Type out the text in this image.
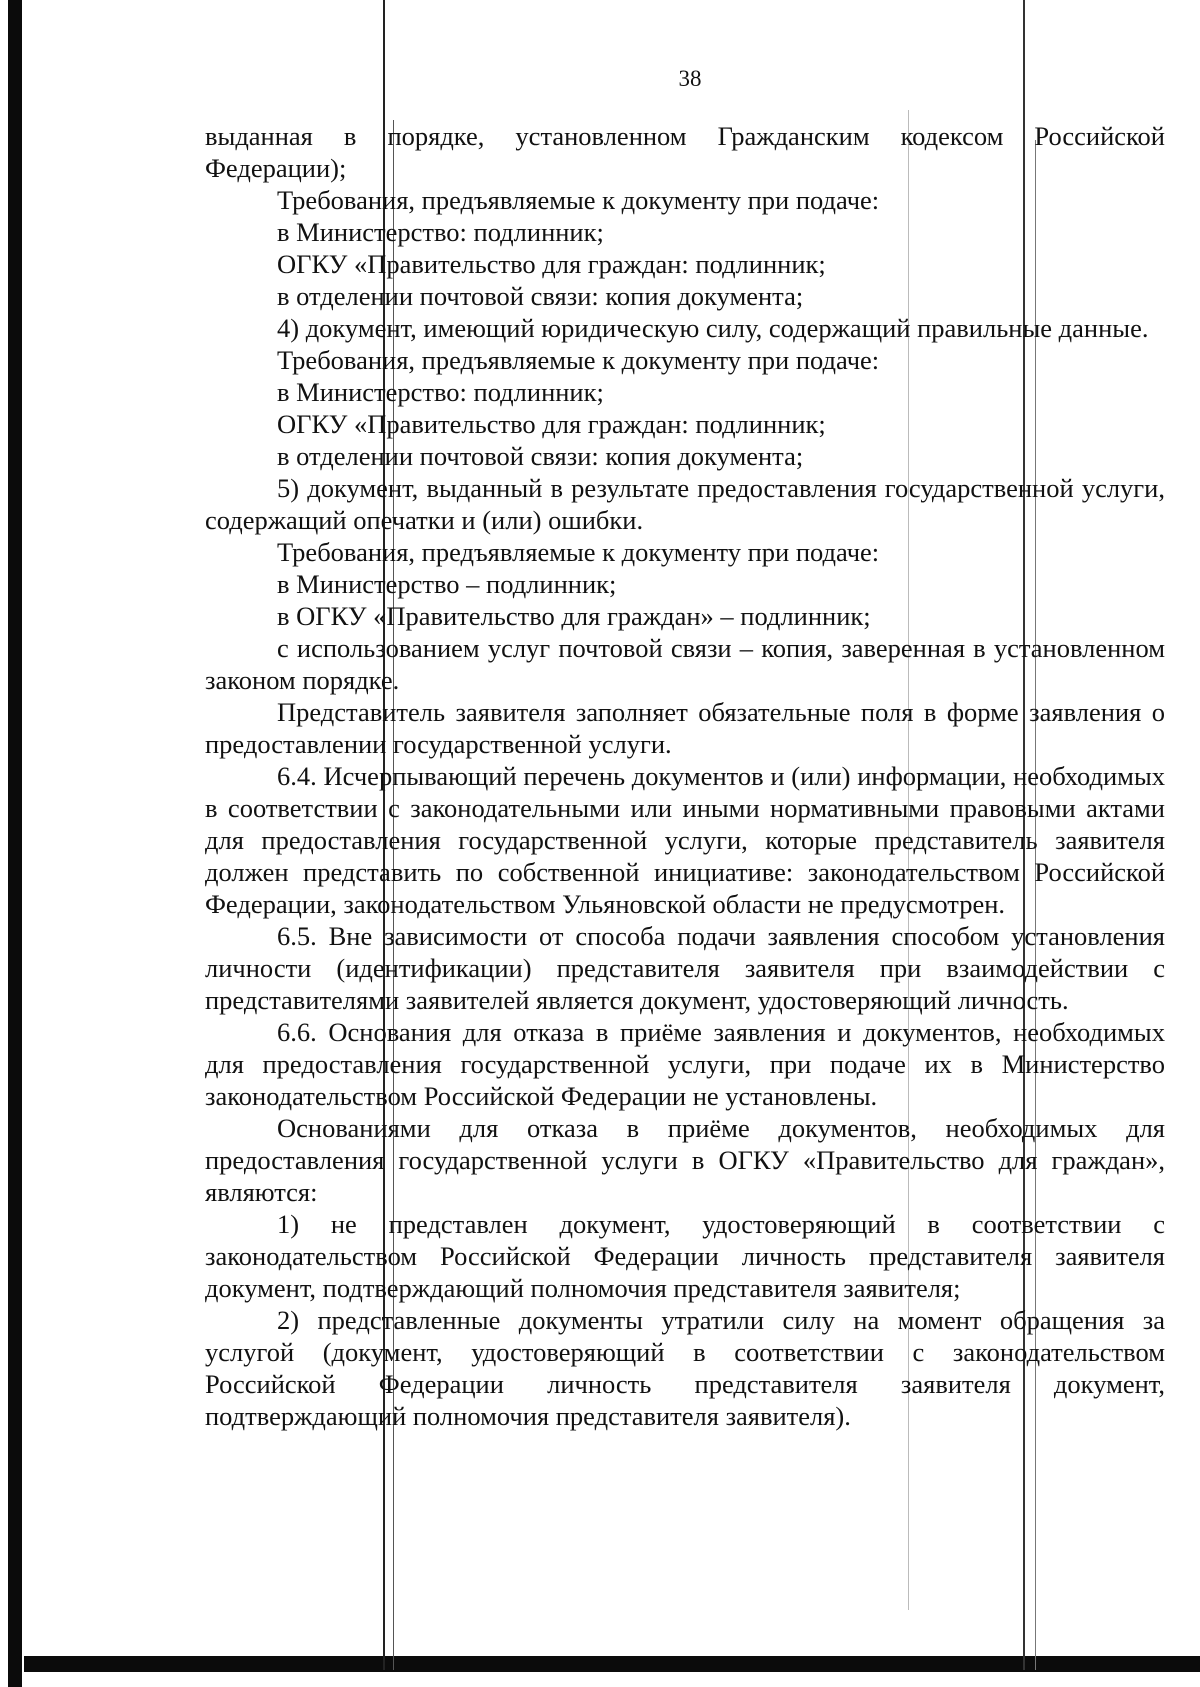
38

выданная в порядке, установленном Гражданским кодексом Российской Федерации);

Требования, предъявляемые к документу при подаче:

в Министерство: подлинник;

ОГКУ «Правительство для граждан: подлинник;

в отделении почтовой связи: копия документа;

4) документ, имеющий юридическую силу, содержащий правильные данные.

Требования, предъявляемые к документу при подаче:

в Министерство: подлинник;

ОГКУ «Правительство для граждан: подлинник;

в отделении почтовой связи: копия документа;

5) документ, выданный в результате предоставления государственной услуги, содержащий опечатки и (или) ошибки.

Требования, предъявляемые к документу при подаче:

в Министерство – подлинник;

в ОГКУ «Правительство для граждан» – подлинник;

с использованием услуг почтовой связи – копия, заверенная в установленном законом порядке.

Представитель заявителя заполняет обязательные поля в форме заявления о предоставлении государственной услуги.

6.4. Исчерпывающий перечень документов и (или) информации, необходимых в соответствии с законодательными или иными нормативными правовыми актами для предоставления государственной услуги, которые представитель заявителя должен представить по собственной инициативе: законодательством Российской Федерации, законодательством Ульяновской области не предусмотрен.

6.5. Вне зависимости от способа подачи заявления способом установления личности (идентификации) представителя заявителя при взаимодействии с представителями заявителей является документ, удостоверяющий личность.

6.6. Основания для отказа в приёме заявления и документов, необходимых для предоставления государственной услуги, при подаче их в Министерство законодательством Российской Федерации не установлены.

Основаниями для отказа в приёме документов, необходимых для предоставления государственной услуги в ОГКУ «Правительство для граждан», являются:

1) не представлен документ, удостоверяющий в соответствии с законодательством Российской Федерации личность представителя заявителя документ, подтверждающий полномочия представителя заявителя;

2) представленные документы утратили силу на момент обращения за услугой (документ, удостоверяющий в соответствии с законодательством Российской Федерации личность представителя заявителя документ, подтверждающий полномочия представителя заявителя).
